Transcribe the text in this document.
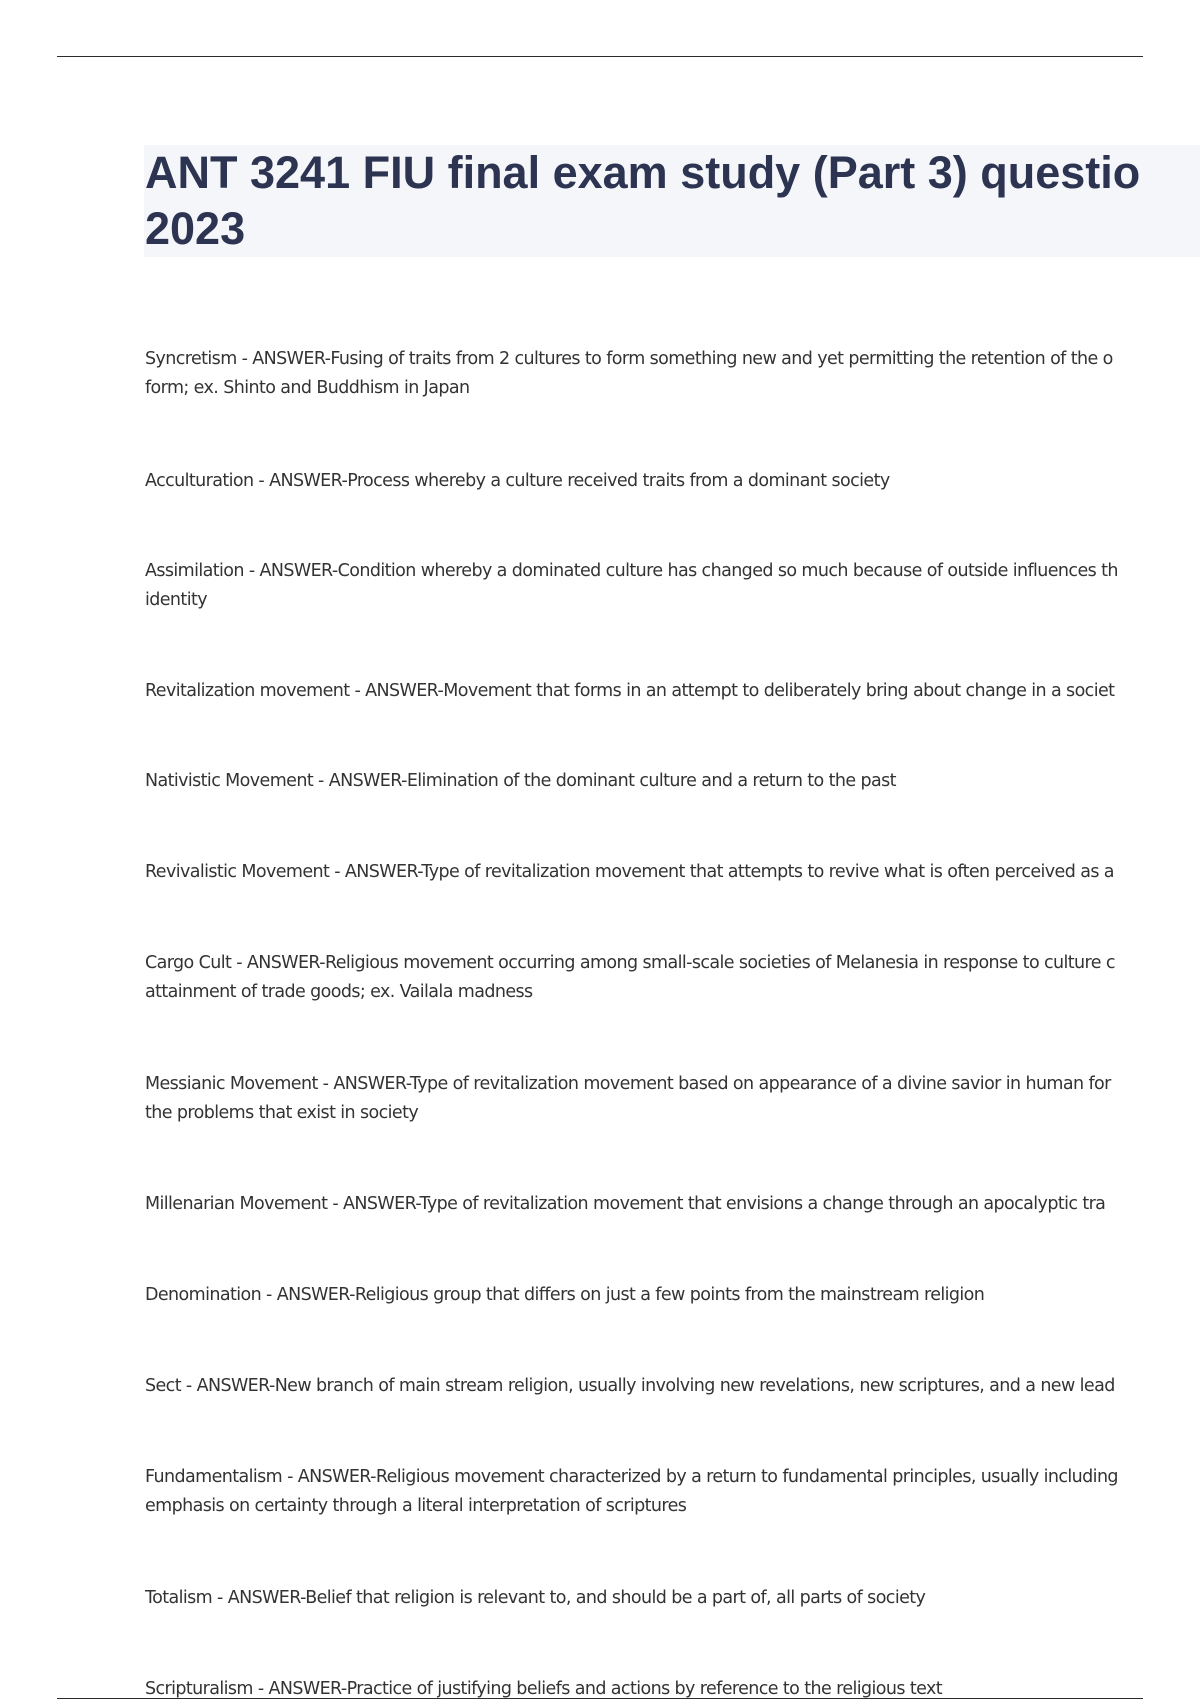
ANT 3241 FIU final exam study (Part 3) questio
2023

Syncretism - ANSWER-Fusing of traits from 2 cultures to form something new and yet permitting the retention of the o
form; ex. Shinto and Buddhism in Japan

Acculturation - ANSWER-Process whereby a culture received traits from a dominant society

Assimilation - ANSWER-Condition whereby a dominated culture has changed so much because of outside influences th
identity

Revitalization movement - ANSWER-Movement that forms in an attempt to deliberately bring about change in a societ

Nativistic Movement - ANSWER-Elimination of the dominant culture and a return to the past

Revivalistic Movement - ANSWER-Type of revitalization movement that attempts to revive what is often perceived as a

Cargo Cult - ANSWER-Religious movement occurring among small-scale societies of Melanesia in response to culture c
attainment of trade goods; ex. Vailala madness

Messianic Movement - ANSWER-Type of revitalization movement based on appearance of a divine savior in human for
the problems that exist in society

Millenarian Movement - ANSWER-Type of revitalization movement that envisions a change through an apocalyptic tra

Denomination - ANSWER-Religious group that differs on just a few points from the mainstream religion

Sect - ANSWER-New branch of main stream religion, usually involving new revelations, new scriptures, and a new lead

Fundamentalism - ANSWER-Religious movement characterized by a return to fundamental principles, usually including
emphasis on certainty through a literal interpretation of scriptures

Totalism - ANSWER-Belief that religion is relevant to, and should be a part of, all parts of society

Scripturalism - ANSWER-Practice of justifying beliefs and actions by reference to the religious text
